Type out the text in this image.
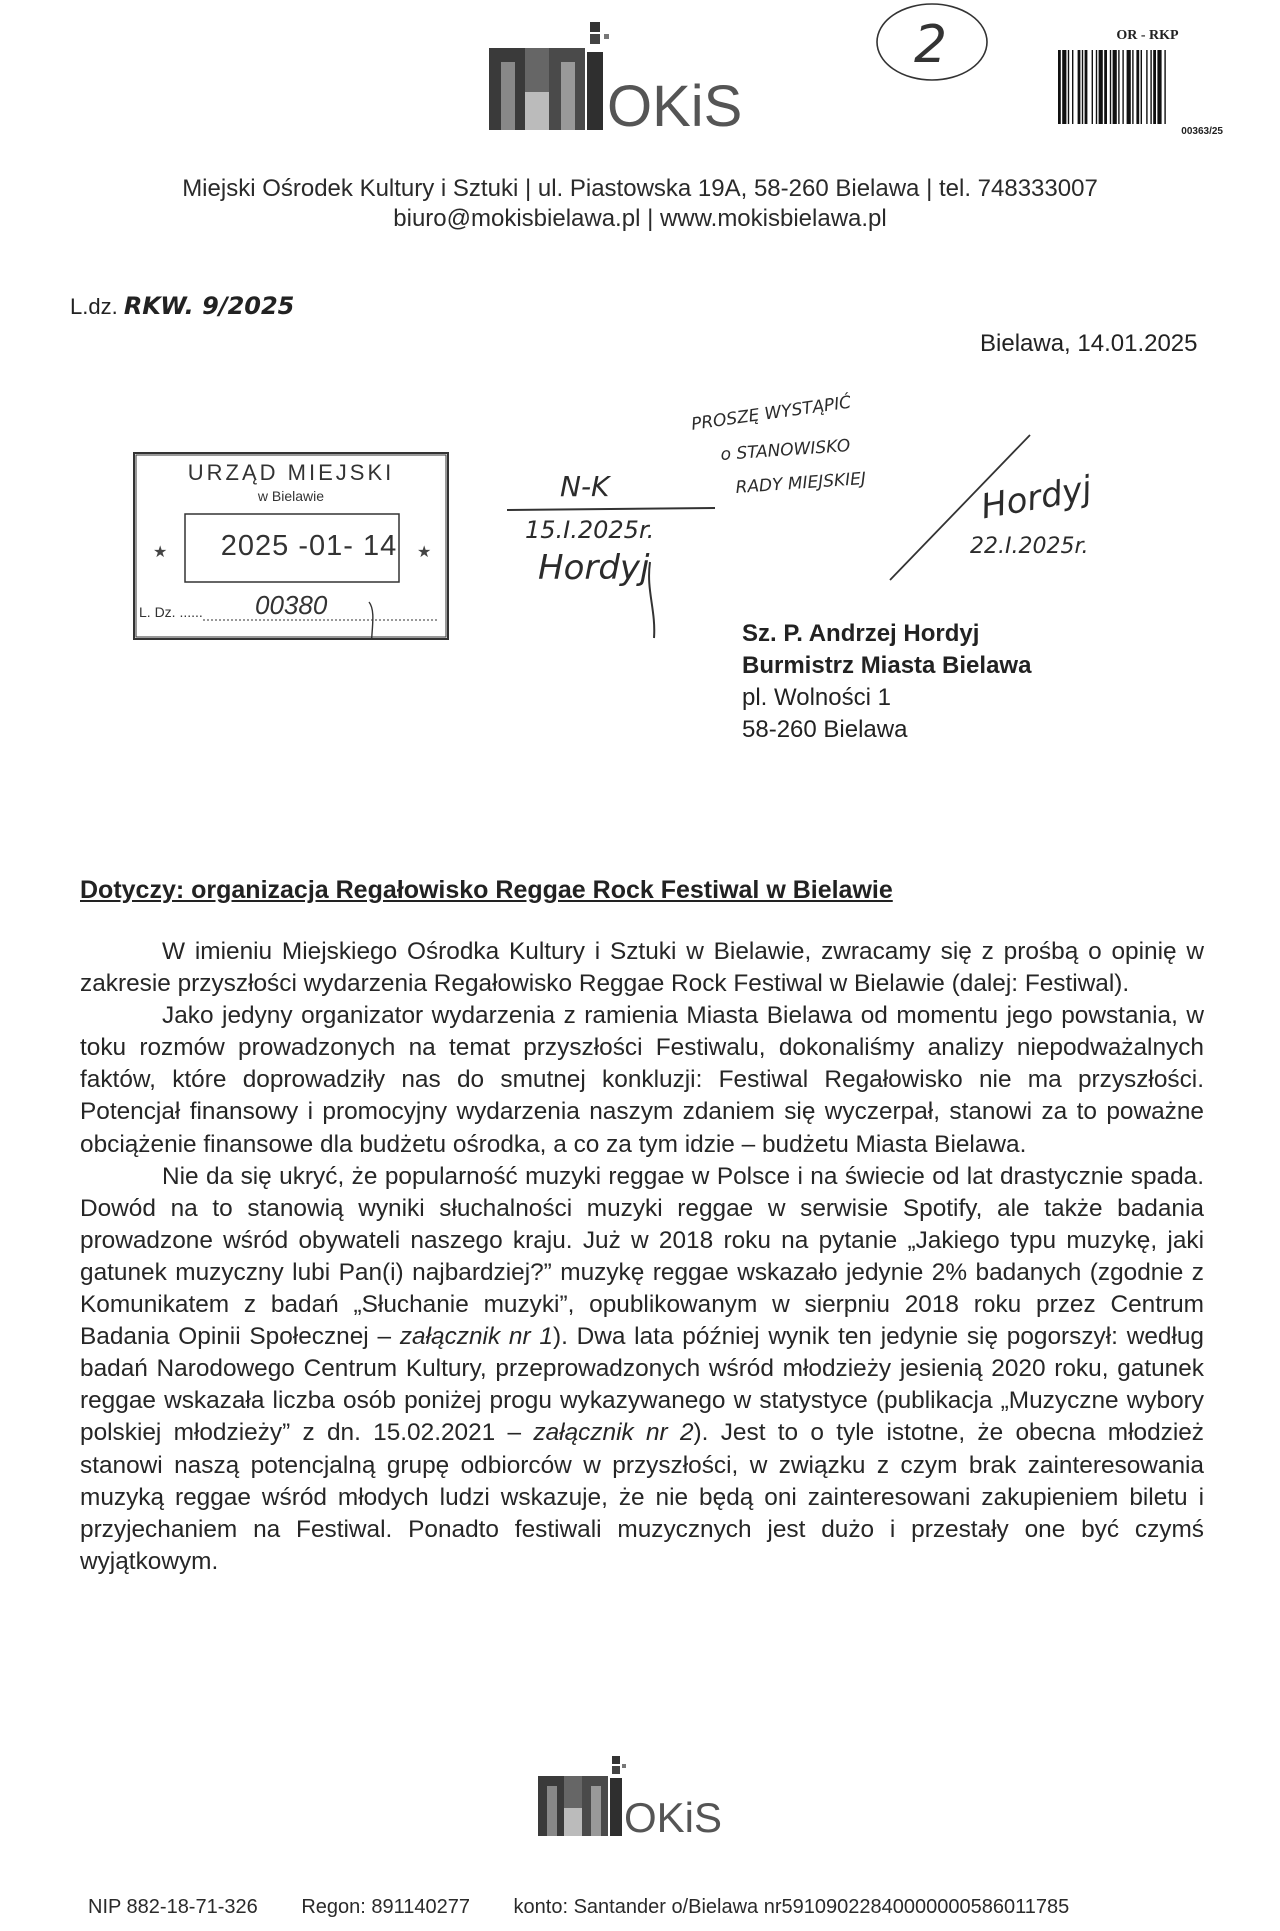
OKiS
2	OR - RKP
00363/25
Miejski Ośrodek Kultury i Sztuki | ul. Piastowska 19A, 58-260 Bielawa | tel. 748333007
biuro@mokisbielawa.pl | www.mokisbielawa.pl
L.dz. RKW. 9/2025
Bielawa, 14.01.2025
★	★
URZĄD MIEJSKI
w Bielawie
2025 -01- 14
L. Dz. ...... 00380
N-K
15.I.2025r.
Hordyj
PROSZĘ WYSTĄPIĆ
o STANOWISKO
RADY MIEJSKIEJ	Hordyj
22.I.2025r.
Sz. P. Andrzej Hordyj
Burmistrz Miasta Bielawa
pl. Wolności 1
58-260 Bielawa
Dotyczy: organizacja Regałowisko Reggae Rock Festiwal w Bielawie

W imieniu Miejskiego Ośrodka Kultury i Sztuki w Bielawie, zwracamy się z prośbą o opinię w zakresie przyszłości wydarzenia Regałowisko Reggae Rock Festiwal w Bielawie (dalej: Festiwal).

Jako jedyny organizator wydarzenia z ramienia Miasta Bielawa od momentu jego powstania, w toku rozmów prowadzonych na temat przyszłości Festiwalu, dokonaliśmy analizy niepodważalnych faktów, które doprowadziły nas do smutnej konkluzji: Festiwal Regałowisko nie ma przyszłości. Potencjał finansowy i promocyjny wydarzenia naszym zdaniem się wyczerpał, stanowi za to poważne obciążenie finansowe dla budżetu ośrodka, a co za tym idzie – budżetu Miasta Bielawa.

Nie da się ukryć, że popularność muzyki reggae w Polsce i na świecie od lat drastycznie spada. Dowód na to stanowią wyniki słuchalności muzyki reggae w serwisie Spotify, ale także badania prowadzone wśród obywateli naszego kraju. Już w 2018 roku na pytanie „Jakiego typu muzykę, jaki gatunek muzyczny lubi Pan(i) najbardziej?” muzykę reggae wskazało jedynie 2% badanych (zgodnie z Komunikatem z badań „Słuchanie muzyki”, opublikowanym w sierpniu 2018 roku przez Centrum Badania Opinii Społecznej – załącznik nr 1). Dwa lata później wynik ten jedynie się pogorszył: według badań Narodowego Centrum Kultury, przeprowadzonych wśród młodzieży jesienią 2020 roku, gatunek reggae wskazała liczba osób poniżej progu wykazywanego w statystyce (publikacja „Muzyczne wybory polskiej młodzieży” z dn. 15.02.2021 – załącznik nr 2). Jest to o tyle istotne, że obecna młodzież stanowi naszą potencjalną grupę odbiorców w przyszłości, w związku z czym brak zainteresowania muzyką reggae wśród młodych ludzi wskazuje, że nie będą oni zainteresowani zakupieniem biletu i przyjechaniem na Festiwal. Ponadto festiwali muzycznych jest dużo i przestały one być czymś wyjątkowym.

OKiS
NIP 882-18-71-326 Regon: 891140277 konto: Santander o/Bielawa nr59109022840000000586011785
